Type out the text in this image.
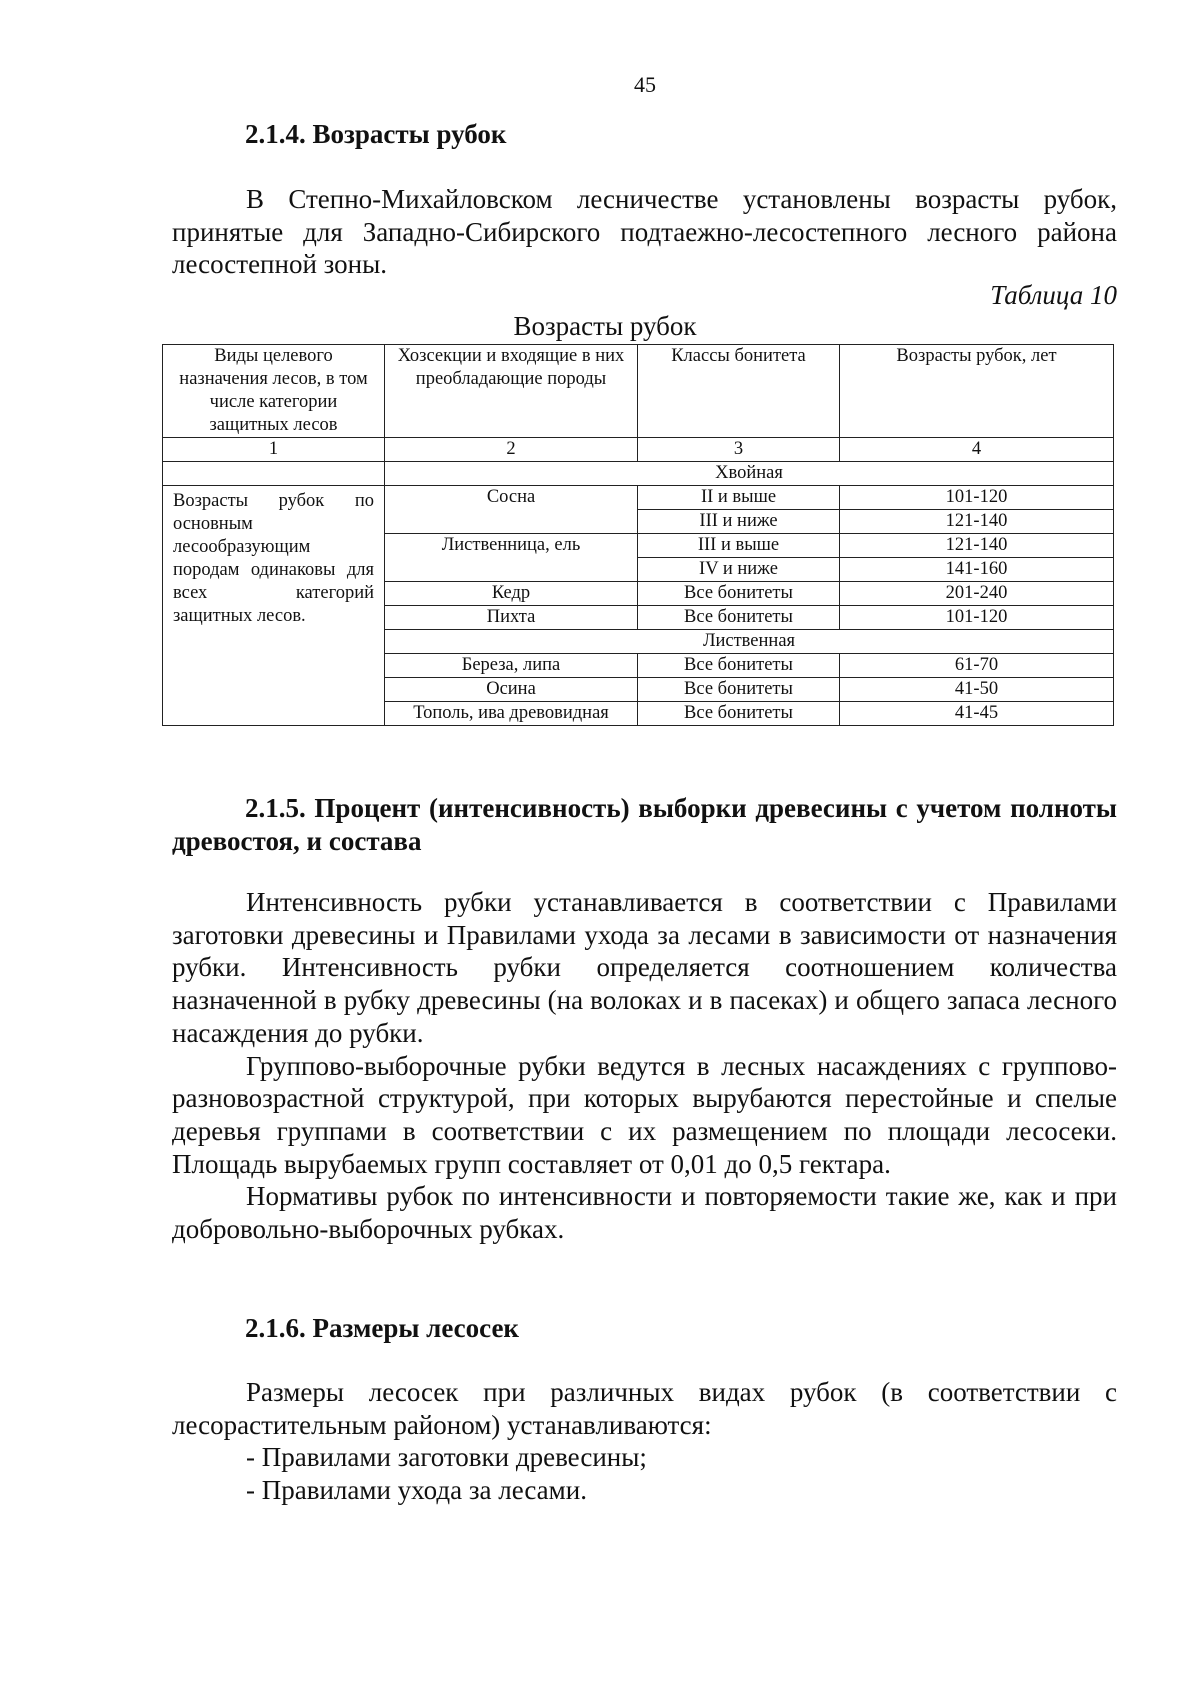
45
2.1.4. Возрасты рубок
В Степно-Михайловском лесничестве установлены возрасты рубок, принятые для Западно-Сибирского подтаежно-лесостепного лесного района лесостепной зоны.
Таблица 10
Возрасты рубок
Виды целевого назначения лесов, в том числе категории защитных лесов	Хозсекции и входящие в них преобладающие породы	Классы бонитета	Возрасты рубок, лет
1	2	3	4
	Хвойная		
Возрасты рубок по основным лесообразующим породам одинаковы для всех категорий защитных лесов.	Сосна	II и выше	101-120
		III и ниже	121-140
	Лиственница, ель	III и выше	121-140
		IV и ниже	141-160
	Кедр	Все бонитеты	201-240
	Пихта	Все бонитеты	101-120
	Лиственная		
	Береза, липа	Все бонитеты	61-70
	Осина	Все бонитеты	41-50
	Тополь, ива древовидная	Все бонитеты	41-45
2.1.5. Процент (интенсивность) выборки древесины с учетом полноты древостоя, и состава
Интенсивность рубки устанавливается в соответствии с Правилами заготовки древесины и Правилами ухода за лесами в зависимости от назначения рубки. Интенсивность рубки определяется соотношением количества назначенной в рубку древесины (на волоках и в пасеках) и общего запаса лесного насаждения до рубки.
Группово-выборочные рубки ведутся в лесных насаждениях с группово-разновозрастной структурой, при которых вырубаются перестойные и спелые деревья группами в соответствии с их размещением по площади лесосеки. Площадь вырубаемых групп составляет от 0,01 до 0,5 гектара.
Нормативы рубок по интенсивности и повторяемости такие же, как и при добровольно-выборочных рубках.
2.1.6. Размеры лесосек
Размеры лесосек при различных видах рубок (в соответствии с лесорастительным районом) устанавливаются:
- Правилами заготовки древесины;
- Правилами ухода за лесами.
